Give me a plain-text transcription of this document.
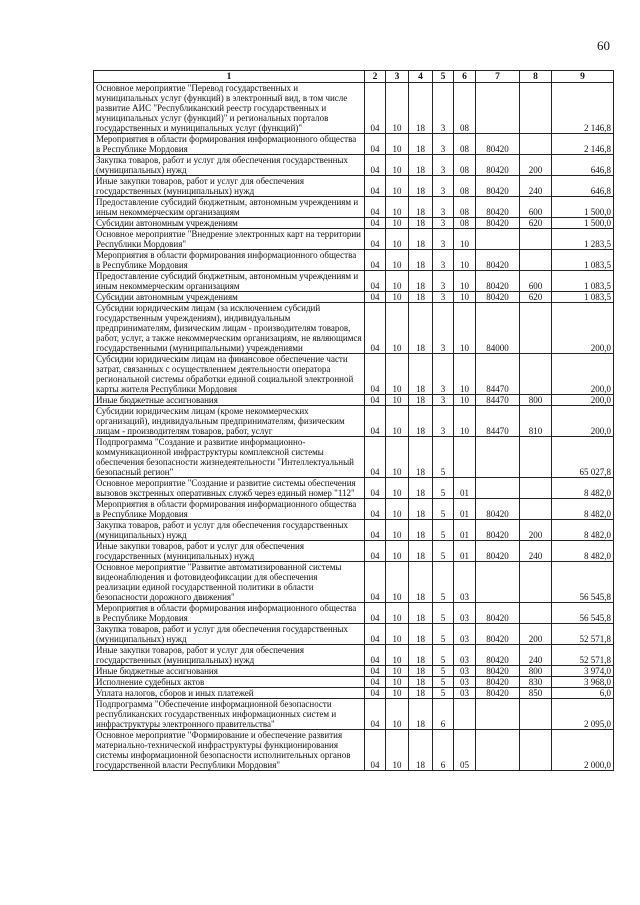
60
1	2	3	4	5	6	7	8	9
Основное мероприятие "Перевод государственных и муниципальных услуг (функций) в электронный вид, в том числе развитие АИС "Республиканский реестр государственных и муниципальных услуг (функций)" и региональных порталов государственных и муниципальных услуг (функций)"	04	10	18	3	08			2 146,8
Мероприятия в области формирования информационного общества в Республике Мордовия	04	10	18	3	08	80420		2 146,8
Закупка товаров, работ и услуг для обеспечения государственных (муниципальных) нужд	04	10	18	3	08	80420	200	646,8
Иные закупки товаров, работ и услуг для обеспечения государственных (муниципальных) нужд	04	10	18	3	08	80420	240	646,8
Предоставление субсидий бюджетным, автономным учреждениям и иным некоммерческим организациям	04	10	18	3	08	80420	600	1 500,0
Субсидии автономным учреждениям	04	10	18	3	08	80420	620	1 500,0
Основное мероприятие "Внедрение электронных карт на территории Республики Мордовия"	04	10	18	3	10			1 283,5
Мероприятия в области формирования информационного общества в Республике Мордовия	04	10	18	3	10	80420		1 083,5
Предоставление субсидий бюджетным, автономным учреждениям и иным некоммерческим организациям	04	10	18	3	10	80420	600	1 083,5
Субсидии автономным учреждениям	04	10	18	3	10	80420	620	1 083,5
Субсидии юридическим лицам (за исключением субсидий государственным учреждениям), индивидуальным предпринимателям, физическим лицам - производителям товаров, работ, услуг, а также некоммерческим организациям, не являющимся государственными (муниципальными) учреждениями	04	10	18	3	10	84000		200,0
Субсидии юридическим лицам на финансовое обеспечение части затрат, связанных с осуществлением деятельности оператора региональной системы обработки единой социальной электронной карты жителя Республики Мордовия	04	10	18	3	10	84470		200,0
Иные бюджетные ассигнования	04	10	18	3	10	84470	800	200,0
Субсидии юридическим лицам (кроме некоммерческих организаций), индивидуальным предпринимателям, физическим лицам - производителям товаров, работ, услуг	04	10	18	3	10	84470	810	200,0
Подпрограмма "Создание и развитие информационно-коммуникационной инфраструктуры комплексной системы обеспечения безопасности жизнедеятельности "Интеллектуальный безопасный регион"	04	10	18	5				65 027,8
Основное мероприятие "Создание и развитие системы обеспечения вызовов экстренных оперативных служб через единый номер "112"	04	10	18	5	01			8 482,0
Мероприятия в области формирования информационного общества в Республике Мордовия	04	10	18	5	01	80420		8 482,0
Закупка товаров, работ и услуг для обеспечения государственных (муниципальных) нужд	04	10	18	5	01	80420	200	8 482,0
Иные закупки товаров, работ и услуг для обеспечения государственных (муниципальных) нужд	04	10	18	5	01	80420	240	8 482,0
Основное мероприятие "Развитие автоматизированной системы видеонаблюдения и фотовидеофиксации для обеспечения реализации единой государственной политики в области безопасности дорожного движения"	04	10	18	5	03			56 545,8
Мероприятия в области формирования информационного общества в Республике Мордовия	04	10	18	5	03	80420		56 545,8
Закупка товаров, работ и услуг для обеспечения государственных (муниципальных) нужд	04	10	18	5	03	80420	200	52 571,8
Иные закупки товаров, работ и услуг для обеспечения государственных (муниципальных) нужд	04	10	18	5	03	80420	240	52 571,8
Иные бюджетные ассигнования	04	10	18	5	03	80420	800	3 974,0
Исполнение судебных актов	04	10	18	5	03	80420	830	3 968,0
Уплата налогов, сборов и иных платежей	04	10	18	5	03	80420	850	6,0
Подпрограмма "Обеспечение информационной безопасности республиканских государственных информационных систем и инфраструктуры электронного правительства"	04	10	18	6				2 095,0
Основное мероприятие "Формирование и обеспечение развития материально-технической инфраструктуры функционирования системы информационной безопасности исполнительных органов государственной власти Республики Мордовия"	04	10	18	6	05			2 000,0
